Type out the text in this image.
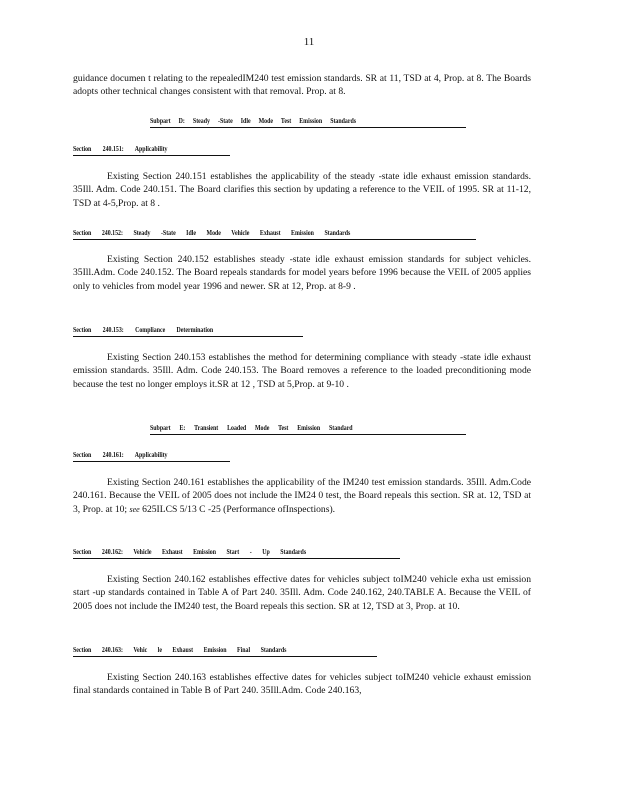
11

guidance documen t relating to the repealedIM240 test emission standards. SR at 11, TSD at 4, Prop. at 8. The Boards adopts other technical changes consistent with that removal. Prop. at 8.

Subpart D: Steady -State Idle Mode Test Emission Standards
Section 240.151: Applicability

Existing Section 240.151 establishes the applicability of the steady -state idle exhaust emission standards. 35Ill. Adm. Code 240.151. The Board clarifies this section by updating a reference to the VEIL of 1995. SR at 11-12, TSD at 4-5,Prop. at 8 .

Section 240.152: Steady -State Idle Mode Vehicle Exhaust Emission Standards

Existing Section 240.152 establishes steady -state idle exhaust emission standards for subject vehicles. 35Ill.Adm. Code 240.152. The Board repeals standards for model years before 1996 because the VEIL of 2005 applies only to vehicles from model year 1996 and newer. SR at 12, Prop. at 8-9 .

Section 240.153: Compliance Determination

Existing Section 240.153 establishes the method for determining compliance with steady -state idle exhaust emission standards. 35Ill. Adm. Code 240.153. The Board removes a reference to the loaded preconditioning mode because the test no longer employs it.SR at 12 , TSD at 5,Prop. at 9-10 .

Subpart E: Transient Loaded Mode Test Emission Standard
Section 240.161: Applicability

Existing Section 240.161 establishes the applicability of the IM240 test emission standards. 35Ill. Adm.Code 240.161. Because the VEIL of 2005 does not include the IM24 0 test, the Board repeals this section. SR at. 12, TSD at 3, Prop. at 10; see 625ILCS 5/13 C -25 (Performance ofInspections).

Section 240.162: Vehicle Exhaust Emission Start - Up Standards

Existing Section 240.162 establishes effective dates for vehicles subject toIM240 vehicle exha ust emission start -up standards contained in Table A of Part 240. 35Ill. Adm. Code 240.162, 240.TABLE A. Because the VEIL of 2005 does not include the IM240 test, the Board repeals this section. SR at 12, TSD at 3, Prop. at 10.

Section 240.163: Vehic le Exhaust Emission Final Standards

Existing Section 240.163 establishes effective dates for vehicles subject toIM240 vehicle exhaust emission final standards contained in Table B of Part 240. 35Ill.Adm. Code 240.163,
